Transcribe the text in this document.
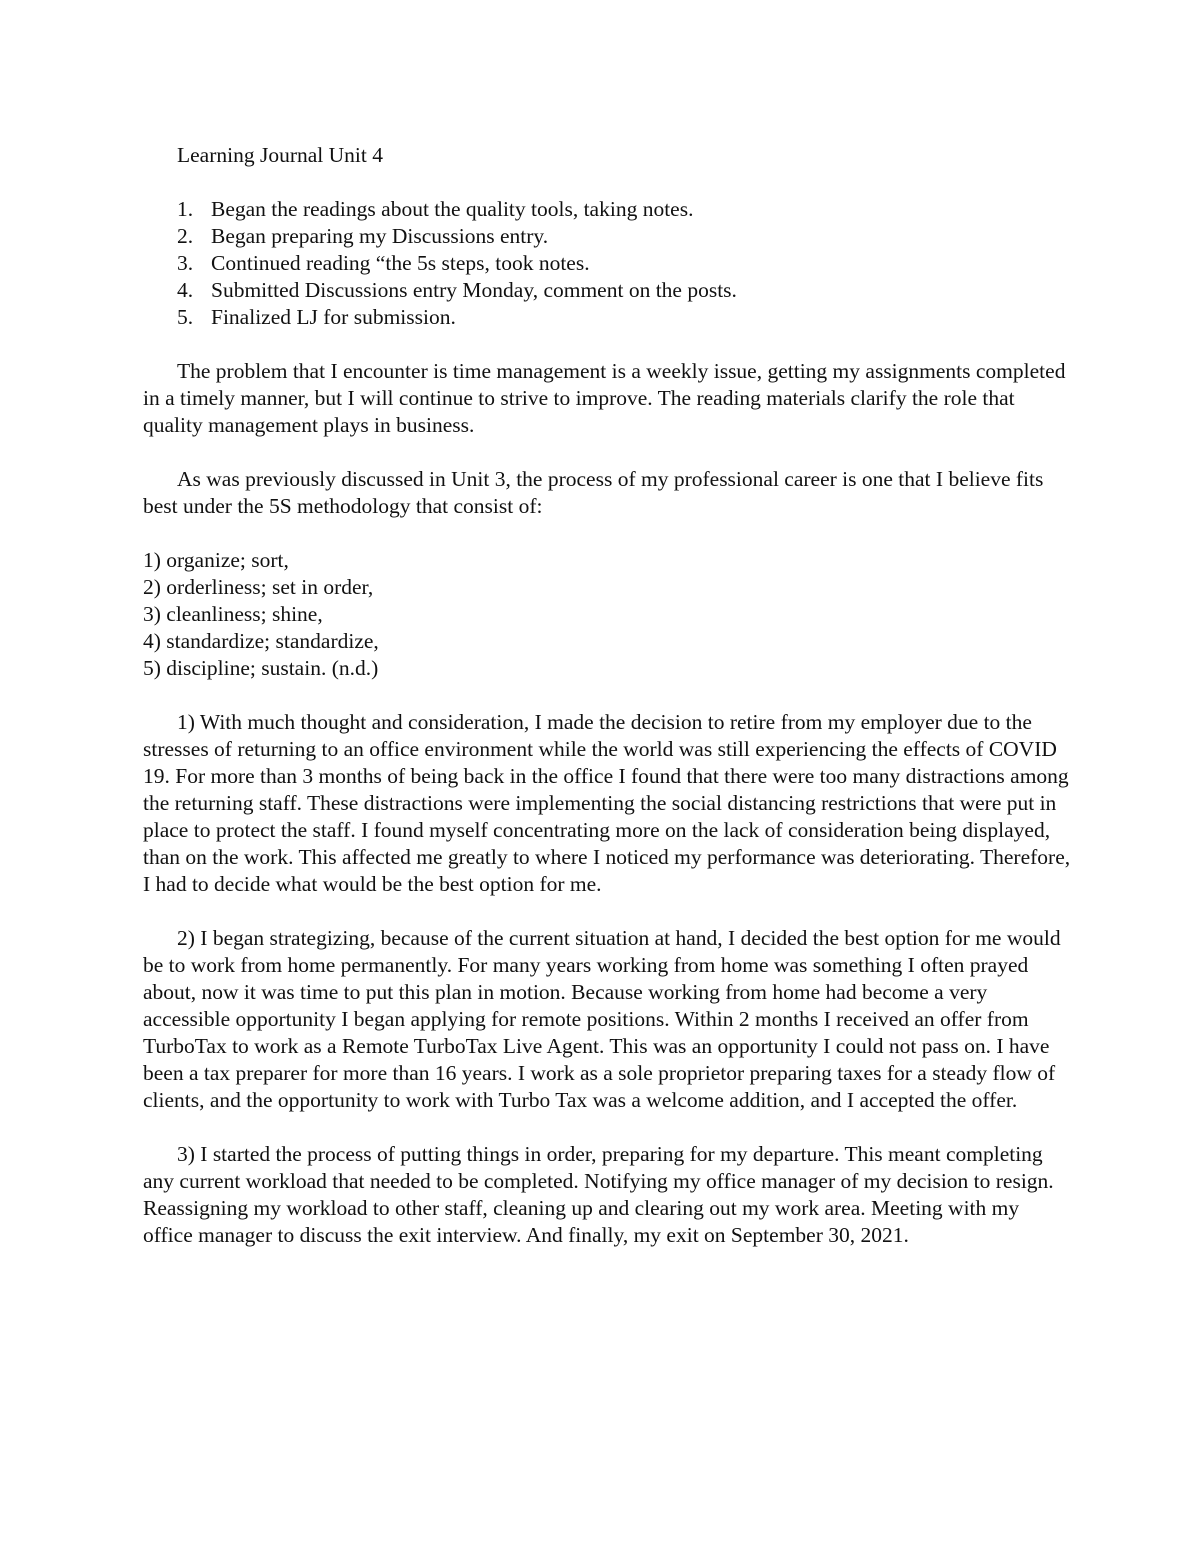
Learning Journal Unit 4
1. Began the readings about the quality tools, taking notes.
2. Began preparing my Discussions entry.
3. Continued reading “the 5s steps, took notes.
4. Submitted Discussions entry Monday, comment on the posts.
5. Finalized LJ for submission.

The problem that I encounter is time management is a weekly issue, getting my assignments completed in a timely manner, but I will continue to strive to improve. The reading materials clarify the role that quality management plays in business.

As was previously discussed in Unit 3, the process of my professional career is one that I believe fits best under the 5S methodology that consist of:

1) organize; sort,
2) orderliness; set in order,
3) cleanliness; shine,
4) standardize; standardize,
5) discipline; sustain. (n.d.)

1) With much thought and consideration, I made the decision to retire from my employer due to the stresses of returning to an office environment while the world was still experiencing the effects of COVID 19. For more than 3 months of being back in the office I found that there were too many distractions among the returning staff. These distractions were implementing the social distancing restrictions that were put in place to protect the staff. I found myself concentrating more on the lack of consideration being displayed, than on the work. This affected me greatly to where I noticed my performance was deteriorating. Therefore, I had to decide what would be the best option for me.

2) I began strategizing, because of the current situation at hand, I decided the best option for me would be to work from home permanently. For many years working from home was something I often prayed about, now it was time to put this plan in motion. Because working from home had become a very accessible opportunity I began applying for remote positions. Within 2 months I received an offer from TurboTax to work as a Remote TurboTax Live Agent. This was an opportunity I could not pass on. I have been a tax preparer for more than 16 years. I work as a sole proprietor preparing taxes for a steady flow of clients, and the opportunity to work with Turbo Tax was a welcome addition, and I accepted the offer.

3) I started the process of putting things in order, preparing for my departure. This meant completing any current workload that needed to be completed. Notifying my office manager of my decision to resign. Reassigning my workload to other staff, cleaning up and clearing out my work area. Meeting with my office manager to discuss the exit interview. And finally, my exit on September 30, 2021.
